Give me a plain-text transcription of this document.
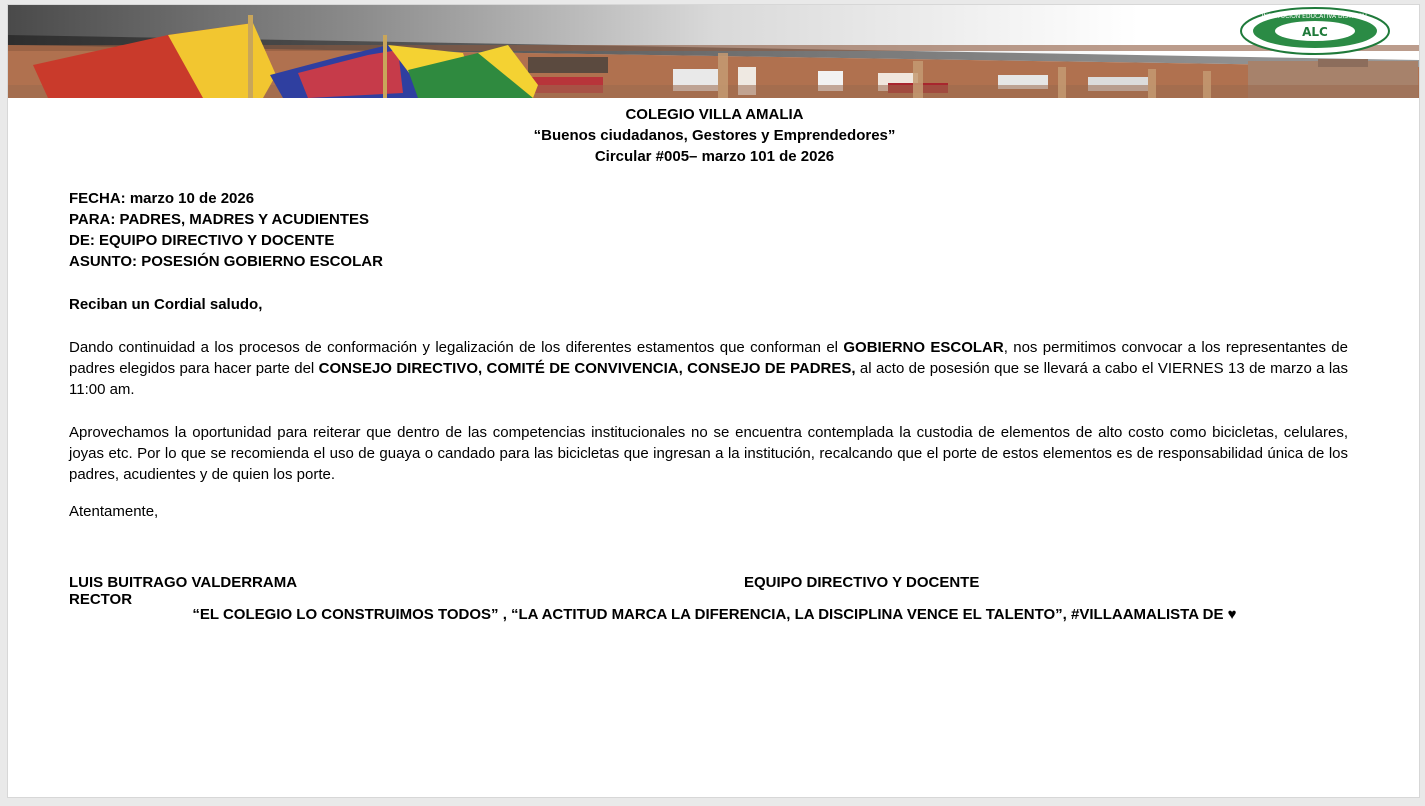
ALC
INSTITUCIÓN EDUCATIVA DISTRITAL
COLEGIO VILLA AMALIA
“Buenos ciudadanos, Gestores y Emprendedores”
Circular #005– marzo 101 de 2026
FECHA: marzo 10 de 2026
PARA: PADRES, MADRES Y ACUDIENTES
DE: EQUIPO DIRECTIVO Y DOCENTE
ASUNTO: POSESIÓN GOBIERNO ESCOLAR
Reciban un Cordial saludo,
Dando continuidad a los procesos de conformación y legalización de los diferentes estamentos que conforman el GOBIERNO ESCOLAR, nos permitimos convocar a los representantes de padres elegidos para hacer parte del CONSEJO DIRECTIVO, COMITÉ DE CONVIVENCIA, CONSEJO DE PADRES, al acto de posesión que se llevará a cabo el VIERNES 13 de marzo a las 11:00 am.
Aprovechamos la oportunidad para reiterar que dentro de las competencias institucionales no se encuentra contemplada la custodia de elementos de alto costo como bicicletas, celulares, joyas etc. Por lo que se recomienda el uso de guaya o candado para las bicicletas que ingresan a la institución, recalcando que el porte de estos elementos es de responsabilidad única de los padres, acudientes y de quien los porte.
Atentamente,
LUIS BUITRAGO VALDERRAMA
RECTOR
EQUIPO DIRECTIVO Y DOCENTE
“EL COLEGIO LO CONSTRUIMOS TODOS” , “LA ACTITUD MARCA LA DIFERENCIA, LA DISCIPLINA VENCE EL TALENTO”, #VILLAAMALISTA DE ♥
